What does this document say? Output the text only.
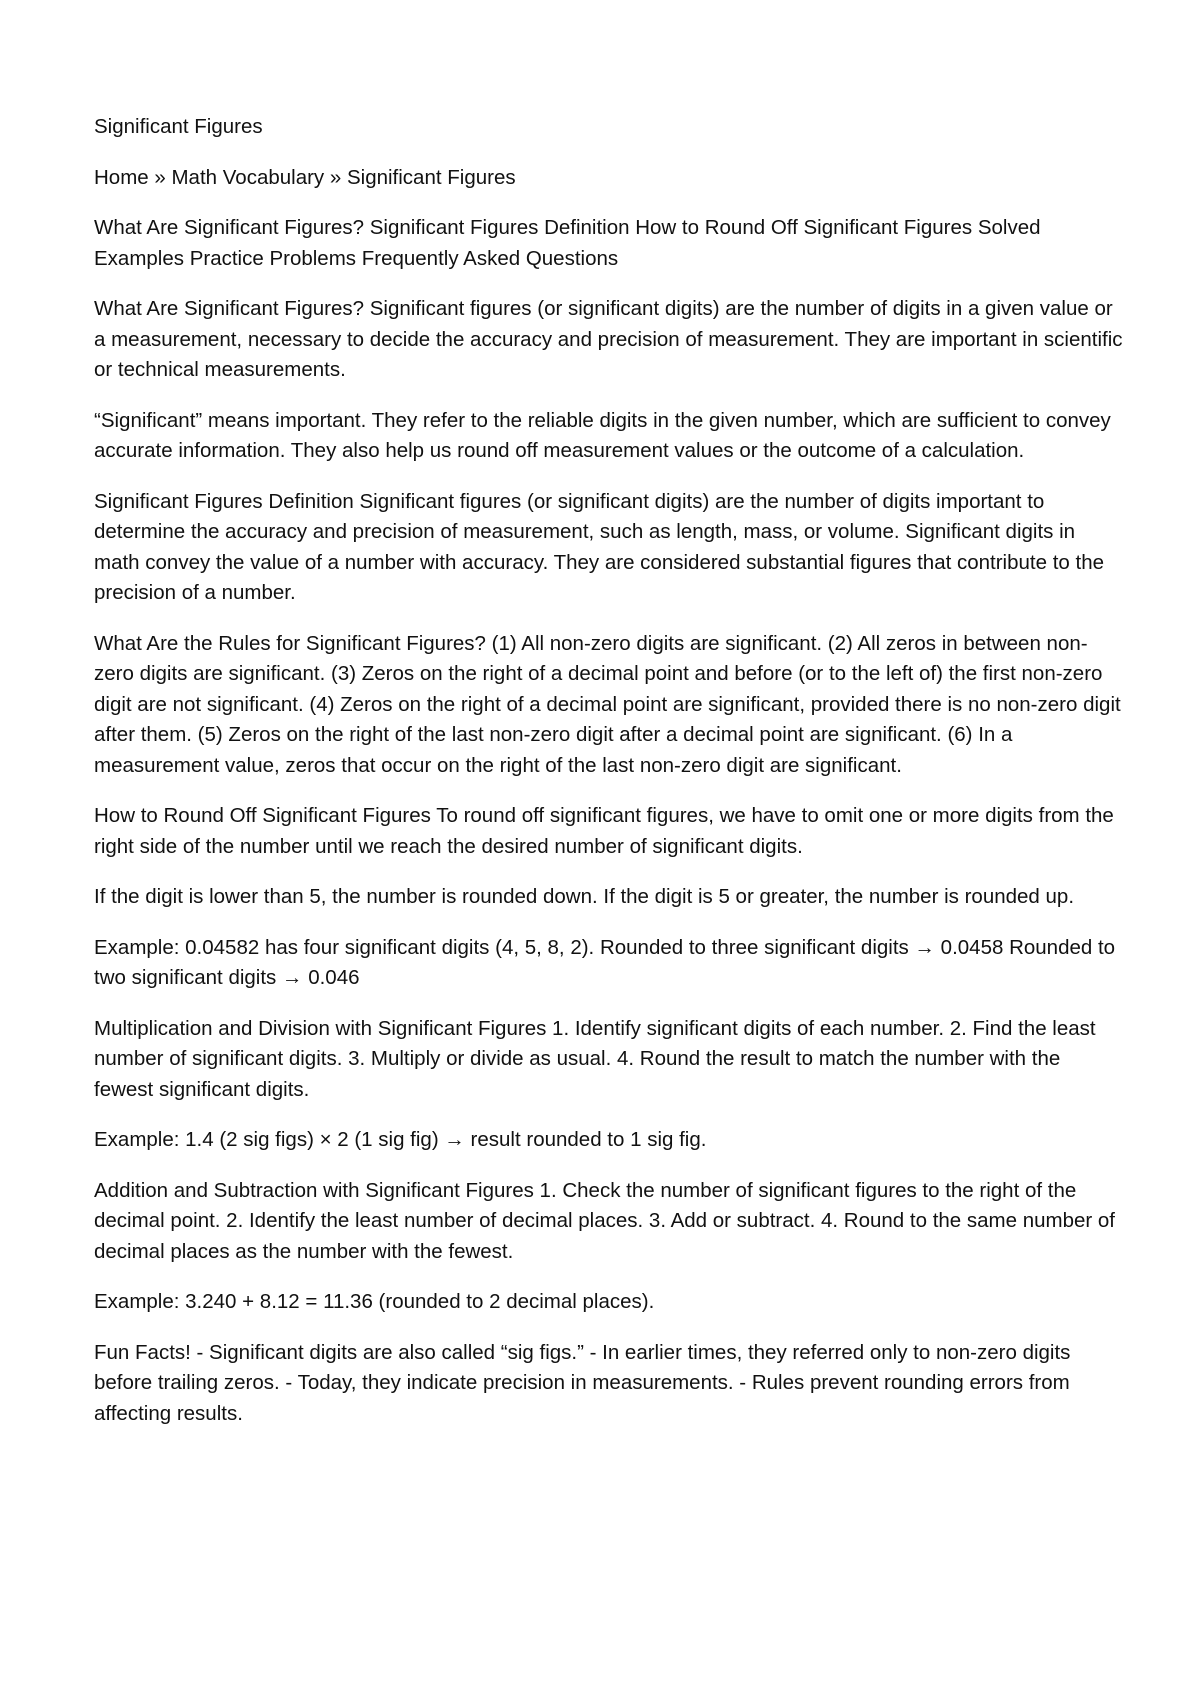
Significant Figures

Home » Math Vocabulary » Significant Figures

What Are Significant Figures? Significant Figures Definition How to Round Off Significant Figures Solved Examples Practice Problems Frequently Asked Questions

What Are Significant Figures? Significant figures (or significant digits) are the number of digits in a given value or a measurement, necessary to decide the accuracy and precision of measurement. They are important in scientific or technical measurements.

“Significant” means important. They refer to the reliable digits in the given number, which are sufficient to convey accurate information. They also help us round off measurement values or the outcome of a calculation.

Significant Figures Definition Significant figures (or significant digits) are the number of digits important to determine the accuracy and precision of measurement, such as length, mass, or volume. Significant digits in math convey the value of a number with accuracy. They are considered substantial figures that contribute to the precision of a number.

What Are the Rules for Significant Figures? (1) All non-zero digits are significant. (2) All zeros in between non-zero digits are significant. (3) Zeros on the right of a decimal point and before (or to the left of) the first non-zero digit are not significant. (4) Zeros on the right of a decimal point are significant, provided there is no non-zero digit after them. (5) Zeros on the right of the last non-zero digit after a decimal point are significant. (6) In a measurement value, zeros that occur on the right of the last non-zero digit are significant.

How to Round Off Significant Figures To round off significant figures, we have to omit one or more digits from the right side of the number until we reach the desired number of significant digits.

If the digit is lower than 5, the number is rounded down. If the digit is 5 or greater, the number is rounded up.

Example: 0.04582 has four significant digits (4, 5, 8, 2). Rounded to three significant digits → 0.0458 Rounded to two significant digits → 0.046

Multiplication and Division with Significant Figures 1. Identify significant digits of each number. 2. Find the least number of significant digits. 3. Multiply or divide as usual. 4. Round the result to match the number with the fewest significant digits.

Example: 1.4 (2 sig figs) × 2 (1 sig fig) → result rounded to 1 sig fig.

Addition and Subtraction with Significant Figures 1. Check the number of significant figures to the right of the decimal point. 2. Identify the least number of decimal places. 3. Add or subtract. 4. Round to the same number of decimal places as the number with the fewest.

Example: 3.240 + 8.12 = 11.36 (rounded to 2 decimal places).

Fun Facts! - Significant digits are also called “sig figs.” - In earlier times, they referred only to non-zero digits before trailing zeros. - Today, they indicate precision in measurements. - Rules prevent rounding errors from affecting results.
